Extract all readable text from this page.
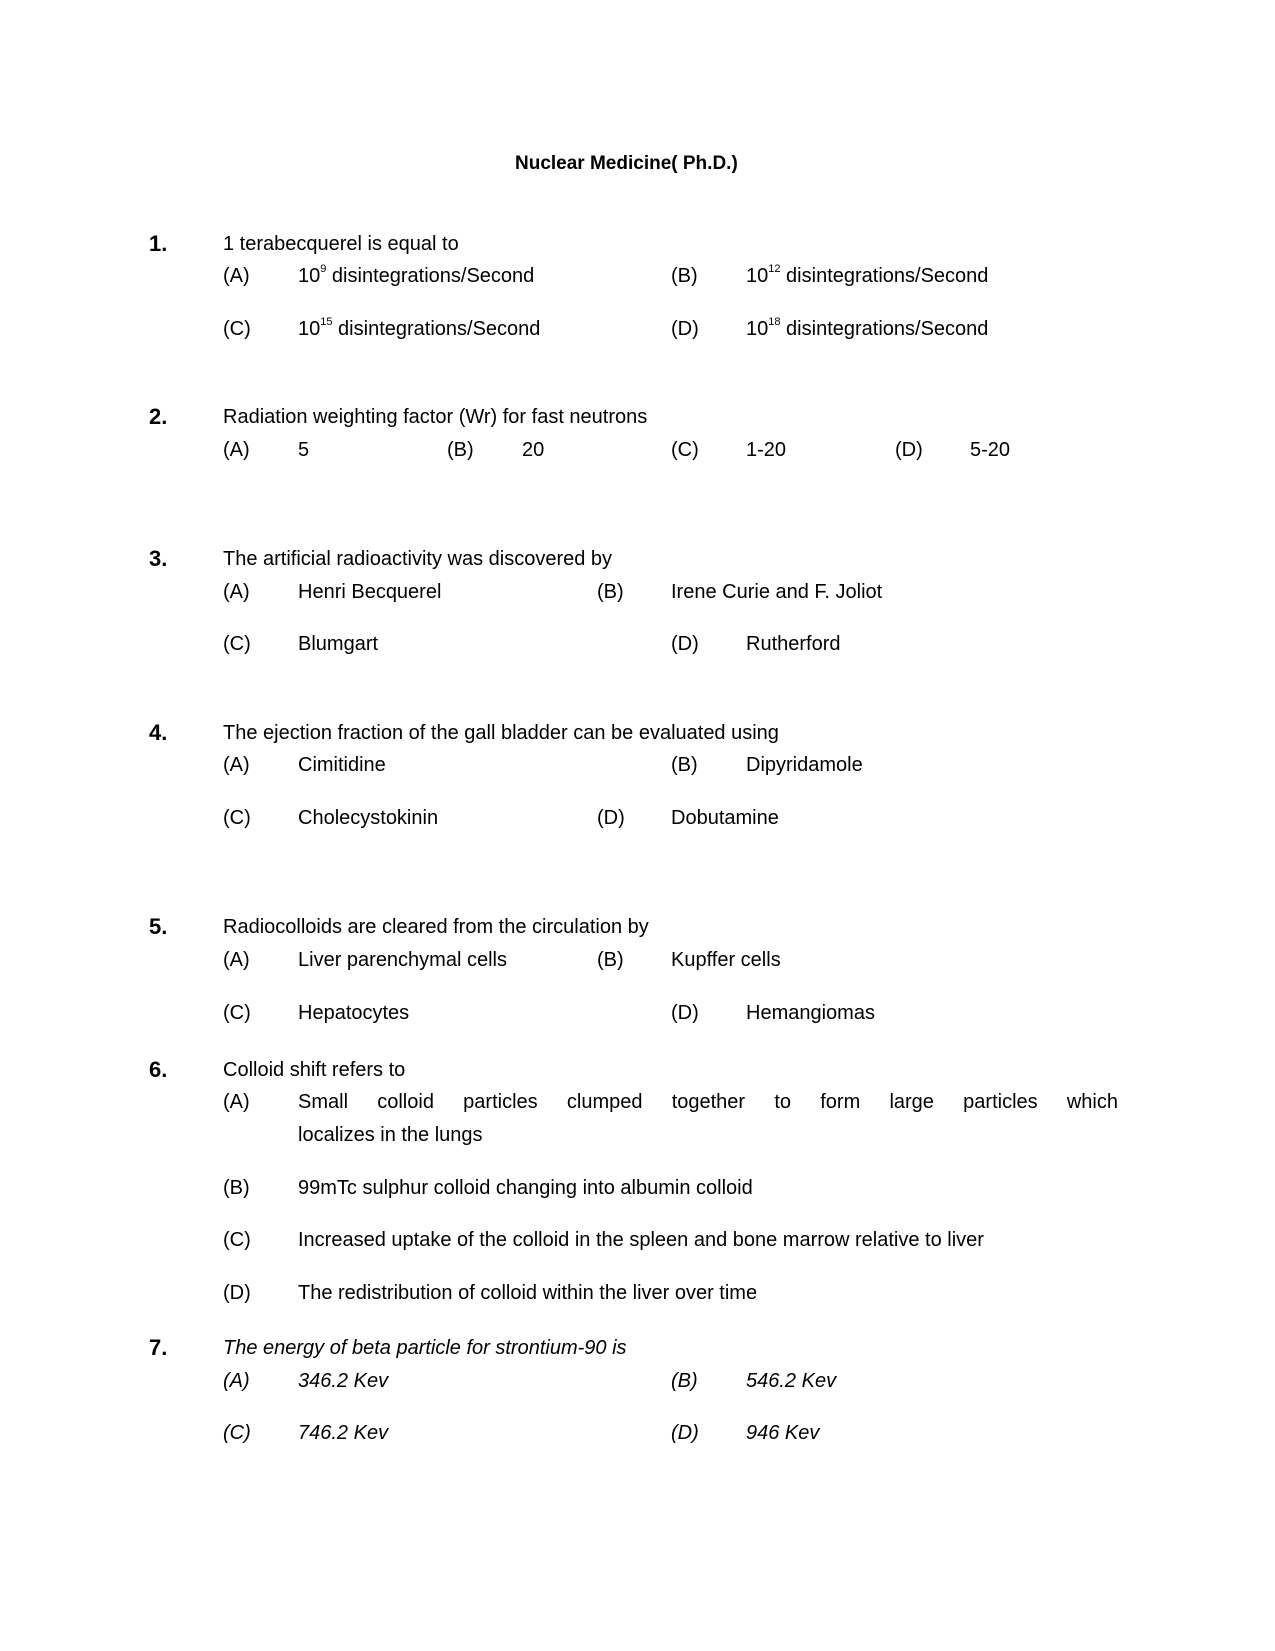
Nuclear Medicine( Ph.D.)
1.	1 terabecquerel is equal to
(A) $10^9$ disintegrations/Second	(B) $10^{12}$ disintegrations/Second
(C) $10^{15}$ disintegrations/Second	(D) $10^{18}$ disintegrations/Second
2.	Radiation weighting factor (Wr) for fast neutrons
(A) 5	(B) 20	(C) 1-20	(D) 5-20
3.	The artificial radioactivity was discovered by
(A) Henri Becquerel	(B) Irene Curie and F. Joliot
(C) Blumgart	(D) Rutherford
4.	The ejection fraction of the gall bladder can be evaluated using
(A) Cimitidine	(B) Dipyridamole
(C) Cholecystokinin	(D) Dobutamine
5.	Radiocolloids are cleared from the circulation by
(A) Liver parenchymal cells	(B) Kupffer cells
(C) Hepatocytes	(D) Hemangiomas
6.	Colloid shift refers to
(A) Small colloid particles clumped together to form large particles which
localizes in the lungs
(B) 99mTc sulphur colloid changing into albumin colloid
(C) Increased uptake of the colloid in the spleen and bone marrow relative to liver
(D) The redistribution of colloid within the liver over time
7.	The energy of beta particle for strontium-90 is
(A) 346.2 Kev	(B) 546.2 Kev
(C) 746.2 Kev	(D) 946 Kev
